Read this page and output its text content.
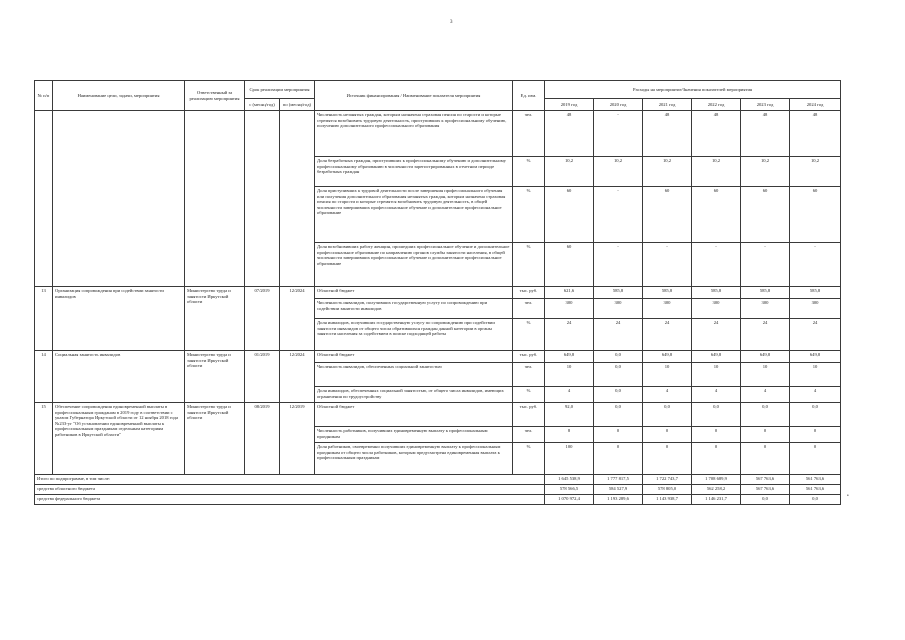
3
№ п/п	Наименование цели, задачи, мероприятия	Ответственный за реализацию мероприятия	Срок реализации мероприятия		Источник финансирования / Наименование показателя мероприятия	Ед. изм.	Расходы на мероприятие/Значения показателей мероприятия					
			с (месяц/год)	по (месяц/год)			2019 год	2020 год	2021 год	2022 год	2023 год	2024 год
					Численность незанятых граждан, которым назначена страховая пенсия по старости и которые стремятся возобновить трудовую деятельность, приступивших к профессиональному обучению, получению дополнительного профессионального образования	чел.	48	-	48	48	48	48
					Доля безработных граждан, приступивших к профессиональному обучению и дополнительному профессиональному образованию в численности зарегистрированных в отчетном периоде безработных граждан	%	10,2	10,2	10,2	10,2	10,2	10,2
					Доля приступивших к трудовой деятельности после завершения профессионального обучения или получения дополнительного образования незанятых граждан, которым назначена страховая пенсия по старости и которые стремятся возобновить трудовую деятельность, в общей численности завершивших профессиональное обучение и дополнительное профессиональное образование	%	60	-	60	60	60	60
					Доля возобновивших работу женщин, прошедших профессиональное обучение и дополнительное профессиональное образование по направлению органов службы занятости населения, в общей численности завершивших профессиональное обучение и дополнительное профессиональное образование	%	60	-	-	-	-	-
13	Организация сопровождения при содействии занятости инвалидов	Министерство труда и занятости Иркутской области	07/2019	12/2024	Областной бюджет	тыс. руб.	621,6	585,8	585,8	585,8	585,8	585,8
					Численность инвалидов, получивших государственную услугу по сопровождению при содействии занятости инвалидов	чел.	300	300	300	300	300	300
					Доля инвалидов, получивших государственную услугу по сопровождению при содействии занятости инвалидов от общего числа обратившихся граждан данной категории в органы занятости населения за содействием в поиске подходящей работы	%	24	24	24	24	24	24
14	Социальная занятость инвалидов	Министерство труда и занятости Иркутской области	01/2019	12/2024	Областной бюджет	тыс. руб.	649,8	0,0	649,8	649,8	649,8	649,8
					Численность инвалидов, обеспеченных социальной занятостью	чел.	10	0,0	10	10	10	10
					Доля инвалидов, обеспеченных социальной занятостью, от общего числа инвалидов, имеющих ограничения по трудоустройству	%	4	0,0	4	4	4	4
15	Обеспечение сопровождения единовременной выплаты в профессиональным гражданам в 2019 году в соответствии с указом Губернатора Иркутской области от 12 ноября 2018 года №233-уг "Об установлении единовременной выплаты к профессиональным праздникам отдельным категориям работников в Иркутской области"	Министерство труда и занятости Иркутской области	08/2019	12/2019	Областной бюджет	тыс. руб.	92,0	0,0	0,0	0,0	0,0	0,0
					Численность работников, получивших единовременную выплату к профессиональным праздникам	чел.	8	0	0	0	0	0
					Доля работников, своевременно получивших единовременную выплату к профессиональным праздникам от общего числа работников, которым предусмотрена единовременная выплата к профессиональным праздникам	%	100	0	0	0	0	0
Итого по подпрограмме, в том числе:							1 645 538,9	1 777 817,5	1 722 743,7	1 708 689,9	567 763,6	561 763,6
средства областного бюджета							578 566,5	584 527,9	578 805,0	562 258,2	567 763,6	561 763,6
средства федерального бюджета							1 070 972,4	1 193 289,6	1 143 938,7	1 146 231,7	0,0	0,0	•
